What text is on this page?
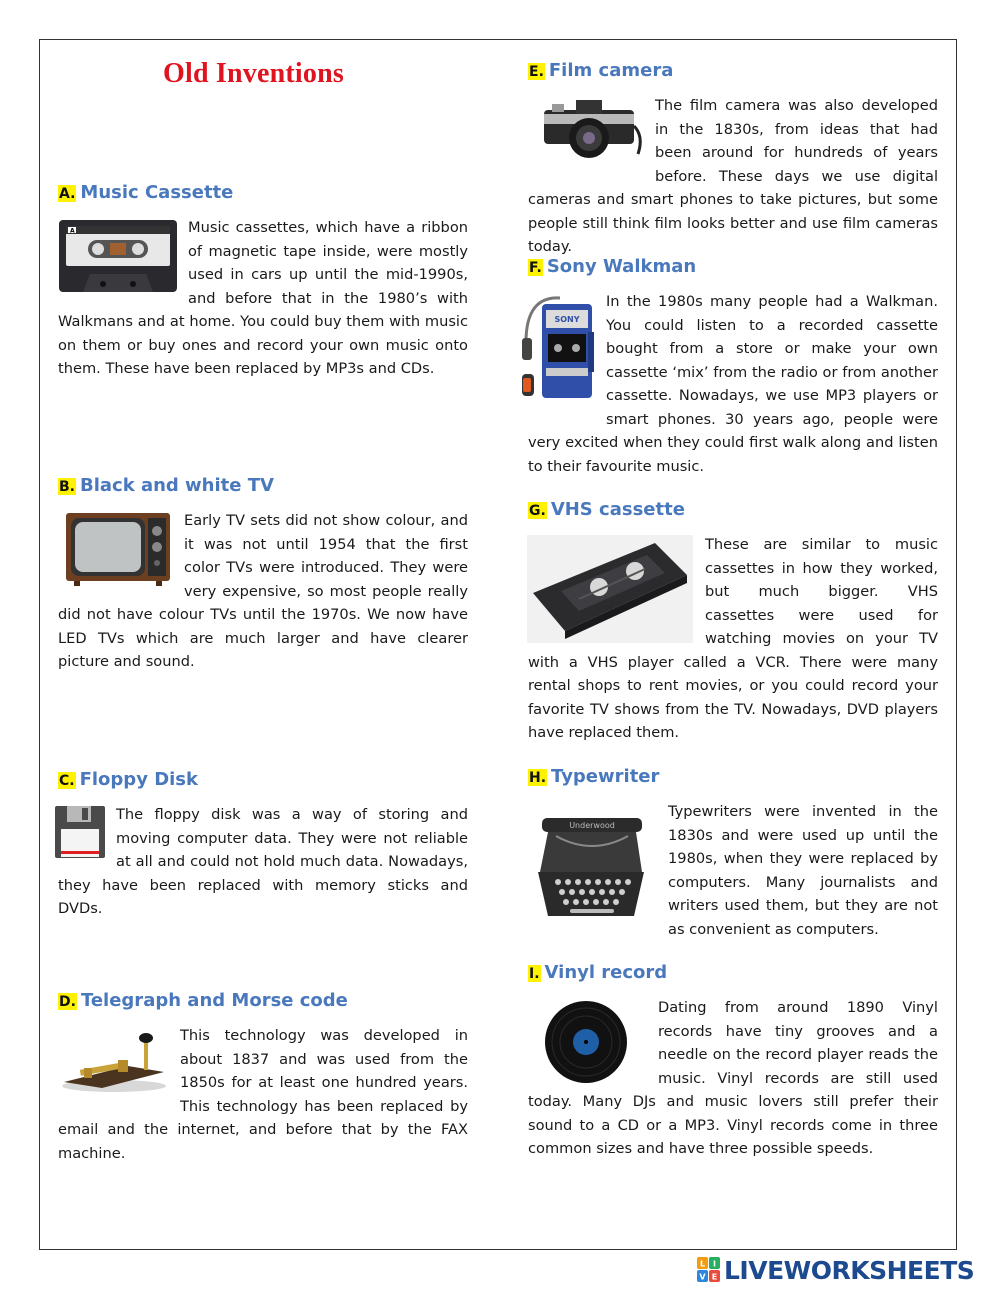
Old Inventions
A. Music Cassette
A	Music cassettes, which have a ribbon of magnetic tape inside, were mostly used in cars up until the mid-1990s, and before that in the 1980’s with Walkmans and at home. You could buy them with music on them or buy ones and record your own music onto them. These have been replaced by MP3s and CDs.
B. Black and white TV
Early TV sets did not show colour, and it was not until 1954 that the first color TVs were introduced. They were very expensive, so most people really did not have colour TVs until the 1970s. We now have LED TVs which are much larger and have clearer picture and sound.
C. Floppy Disk
The floppy disk was a way of storing and moving computer data. They were not reliable at all and could not hold much data. Nowadays, they have been replaced with memory sticks and DVDs.
D. Telegraph and Morse code
This technology was developed in about 1837 and was used from the 1850s for at least one hundred years. This technology has been replaced by email and the internet, and before that by the FAX machine.
E. Film camera
The film camera was also developed in the 1830s, from ideas that had been around for hundreds of years before. These days we use digital cameras and smart phones to take pictures, but some people still think film looks better and use film cameras today.
F. Sony Walkman
SONY
In the 1980s many people had a Walkman. You could listen to a recorded cassette bought from a store or make your own cassette ‘mix’ from the radio or from another cassette. Nowadays, we use MP3 players or smart phones. 30 years ago, people were very excited when they could first walk along and listen to their favourite music.
G. VHS cassette
These are similar to music cassettes in how they worked, but much bigger. VHS cassettes were used for watching movies on your TV with a VHS player called a VCR. There were many rental shops to rent movies, or you could record your favorite TV shows from the TV. Nowadays, DVD players have replaced them.
H. Typewriter
Underwood
Typewriters were invented in the 1830s and were used up until the 1980s, when they were replaced by computers. Many journalists and writers used them, but they are not as convenient as computers.
I. Vinyl record
Dating from around 1890 Vinyl records have tiny grooves and a needle on the record player reads the music. Vinyl records are still used today. Many DJs and music lovers still prefer their sound to a CD or a MP3. Vinyl records come in three common sizes and have three possible speeds.
L I
V E LIVEWORKSHEETS
